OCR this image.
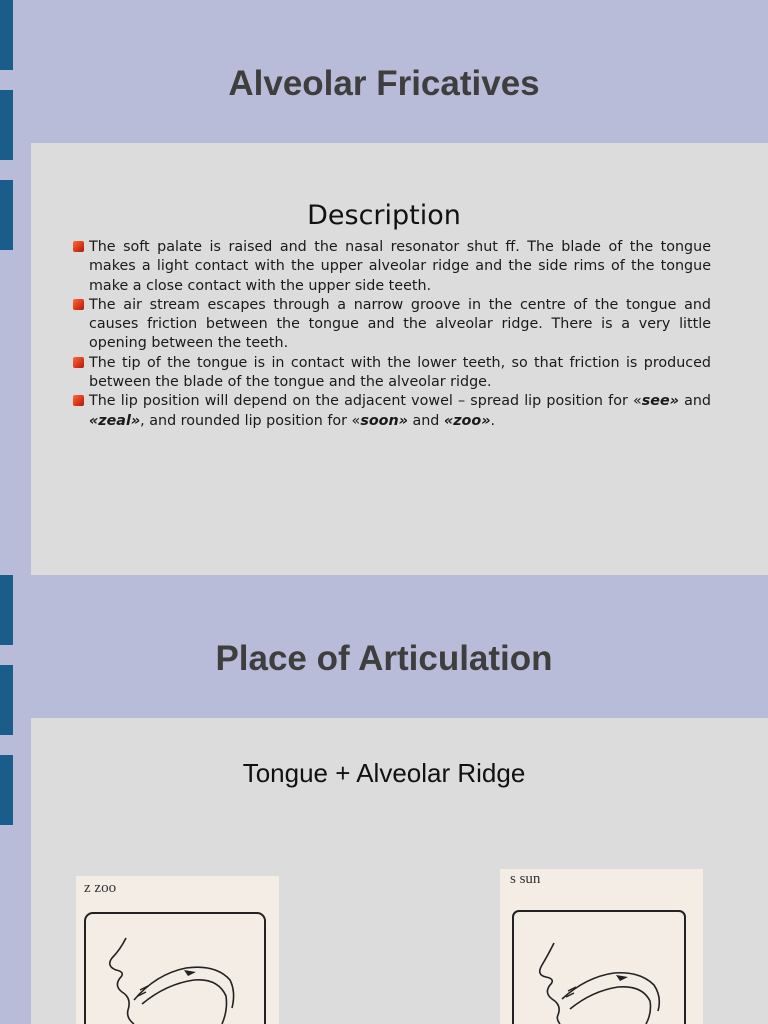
Alveolar Fricatives
Description
The soft palate is raised and the nasal resonator shut ff. The blade of the tongue makes a light contact with the upper alveolar ridge and the side rims of the tongue make a close contact with the upper side teeth.
The air stream escapes through a narrow groove in the centre of the tongue and causes friction between the tongue and the alveolar ridge. There is a very little opening between the teeth.
The tip of the tongue is in contact with the lower teeth, so that friction is produced between the blade of the tongue and the alveolar ridge.
The lip position will depend on the adjacent vowel – spread lip position for «see» and «zeal», and rounded lip position for «soon» and «zoo».
Place of Articulation
Tongue + Alveolar Ridge
z zoo
s sun
